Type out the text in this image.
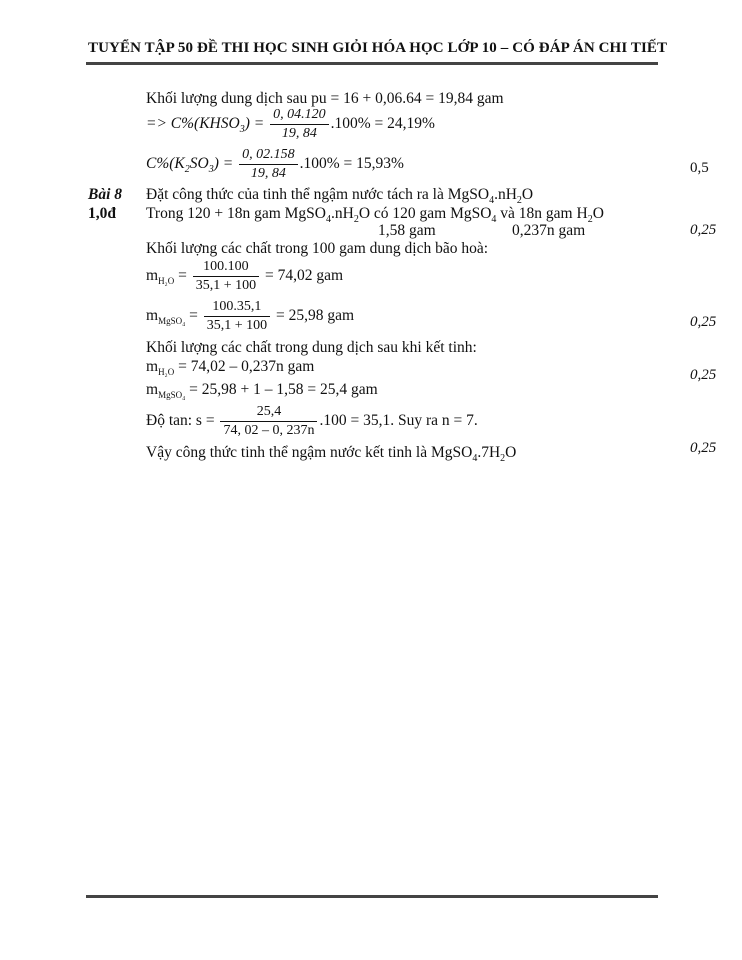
TUYỂN TẬP 50 ĐỀ THI HỌC SINH GIỎI HÓA HỌC LỚP 10 – CÓ ĐÁP ÁN CHI TIẾT
Khối lượng dung dịch sau pu = 16 + 0,06.64 = 19,84 gam
=> $C\%(KHSO_3) = \frac{0, 04.120}{19, 84} .100\% = 24,19\%$
$C\%(K_2SO_3) = \frac{0, 02.158}{19, 84} .100\% = 15,93\%$	0,5
Bài 8
1,0đ
Đặt công thức của tinh thể ngậm nước tách ra là $MgSO_4.nH_2O$
Trong 120 + 18n gam $MgSO_4.nH_2O$ có 120 gam MgSO$_4$ và 18n gam $H_2O$
1,58 gam	0,237n gam	0,25
Khối lượng các chất trong 100 gam dung dịch bão hoà:
$m_{H_2O} = \frac{100.100}{35,1 + 100} = 74,02$ gam
$m_{MgSO_4} = \frac{100.35,1}{35,1 + 100} = 25,98$ gam	0,25
Khối lượng các chất trong dung dịch sau khi kết tinh:
$m_{H_2O} = 74,02 - 0,237n$ gam	0,25
$m_{MgSO_4} = 25,98 + 1 - 1,58 = 25,4$ gam
Độ tan: $s = \frac{25,4}{74, 02 - 0, 237n} .100 = 35,1$. Suy ra n = 7.
Vậy công thức tinh thể ngậm nước kết tinh là $MgSO_4.7H_2O$	0,25
